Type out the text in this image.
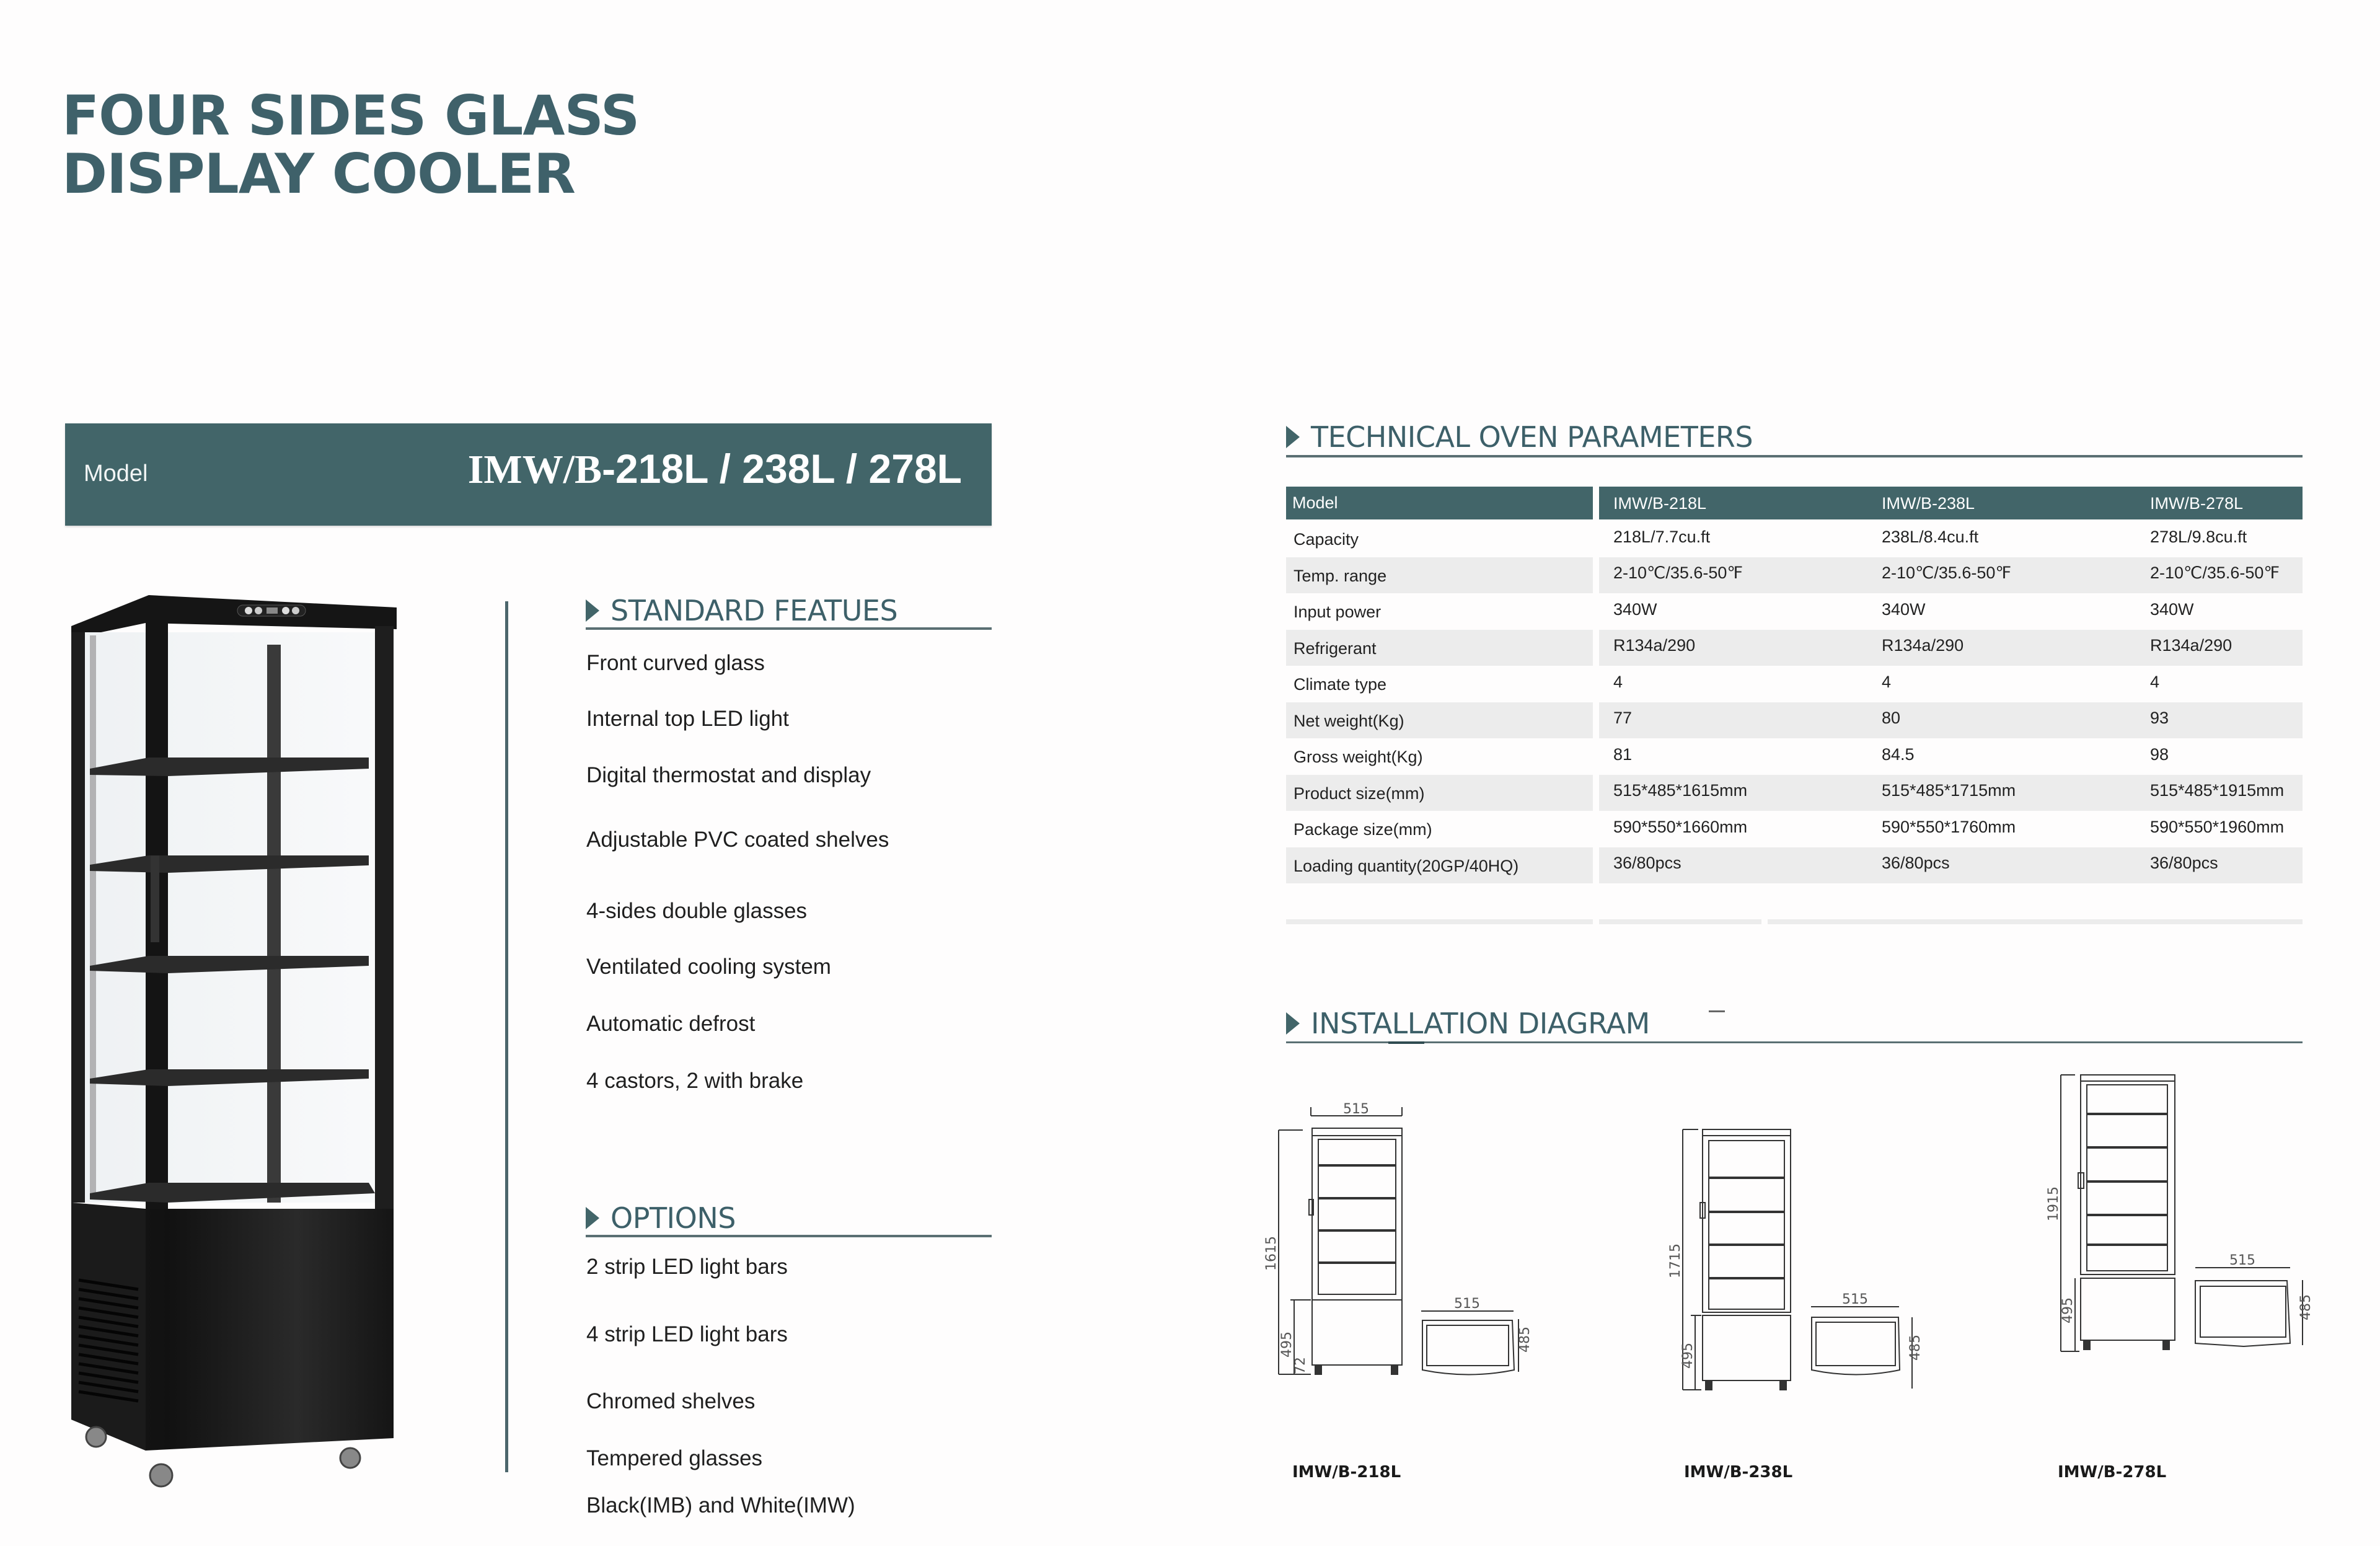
FOUR SIDES GLASS
DISPLAY COOLER
Model	IMW/B-218L / 238L / 278L
STANDARD FEATUES
Front curved glass
Internal top LED light
Digital thermostat and display
Adjustable PVC coated shelves
4-sides double glasses
Ventilated cooling system
Automatic defrost
4 castors, 2 with brake
OPTIONS
2 strip LED light bars
4 strip LED light bars
Chromed shelves
Tempered glasses
Black(IMB) and White(IMW)
TECHNICAL OVEN PARAMETERS
Model	IMW/B-218L	IMW/B-238L	IMW/B-278L
Capacity	218L/7.7cu.ft	238L/8.4cu.ft	278L/9.8cu.ft
Temp. range	2-10℃/35.6-50℉	2-10℃/35.6-50℉	2-10℃/35.6-50℉
Input power	340W	340W	340W
Refrigerant	R134a/290	R134a/290	R134a/290
Climate type	4	4	4
Net weight(Kg)	77	80	93
Gross weight(Kg)	81	84.5	98
Product size(mm)	515*485*1615mm	515*485*1715mm	515*485*1915mm
Package size(mm)	590*550*1660mm	590*550*1760mm	590*550*1960mm
Loading quantity(20GP/40HQ)	36/80pcs	36/80pcs	36/80pcs
INSTALLATION DIAGRAM
515
1615
495
72
515
485
IMW/B-218L
1715
495
515
485
IMW/B-238L
1915
495
515
485
IMW/B-278L
